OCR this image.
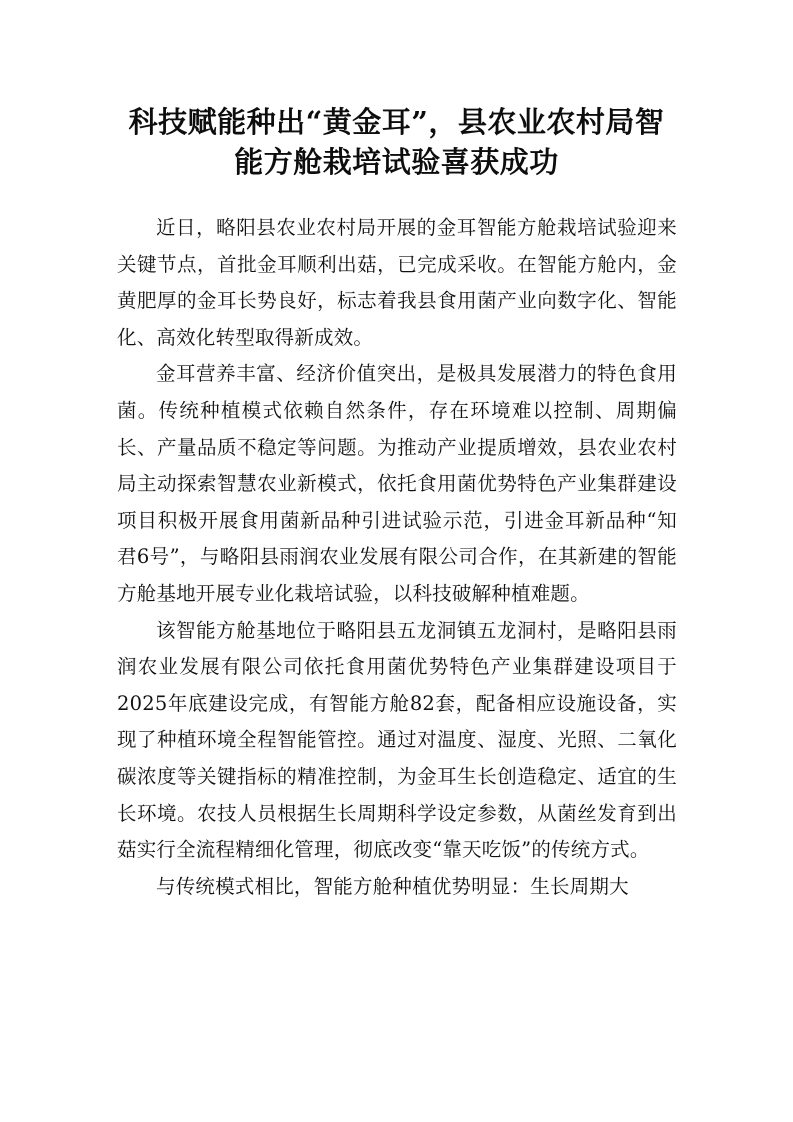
科技赋能种出“黄金耳”，县农业农村局智
能方舱栽培试验喜获成功

近日，略阳县农业农村局开展的金耳智能方舱栽培试验迎来关键节点，首批金耳顺利出菇，已完成采收。在智能方舱内，金黄肥厚的金耳长势良好，标志着我县食用菌产业向数字化、智能化、高效化转型取得新成效。

金耳营养丰富、经济价值突出，是极具发展潜力的特色食用菌。传统种植模式依赖自然条件，存在环境难以控制、周期偏长、产量品质不稳定等问题。为推动产业提质增效，县农业农村局主动探索智慧农业新模式，依托食用菌优势特色产业集群建设项目积极开展食用菌新品种引进试验示范，引进金耳新品种“知君6号”，与略阳县雨润农业发展有限公司合作，在其新建的智能方舱基地开展专业化栽培试验，以科技破解种植难题。

该智能方舱基地位于略阳县五龙洞镇五龙洞村，是略阳县雨润农业发展有限公司依托食用菌优势特色产业集群建设项目于2025年底建设完成，有智能方舱82套，配备相应设施设备，实现了种植环境全程智能管控。通过对温度、湿度、光照、二氧化碳浓度等关键指标的精准控制，为金耳生长创造稳定、适宜的生长环境。农技人员根据生长周期科学设定参数，从菌丝发育到出菇实行全流程精细化管理，彻底改变“靠天吃饭”的传统方式。

与传统模式相比，智能方舱种植优势明显：生长周期大
